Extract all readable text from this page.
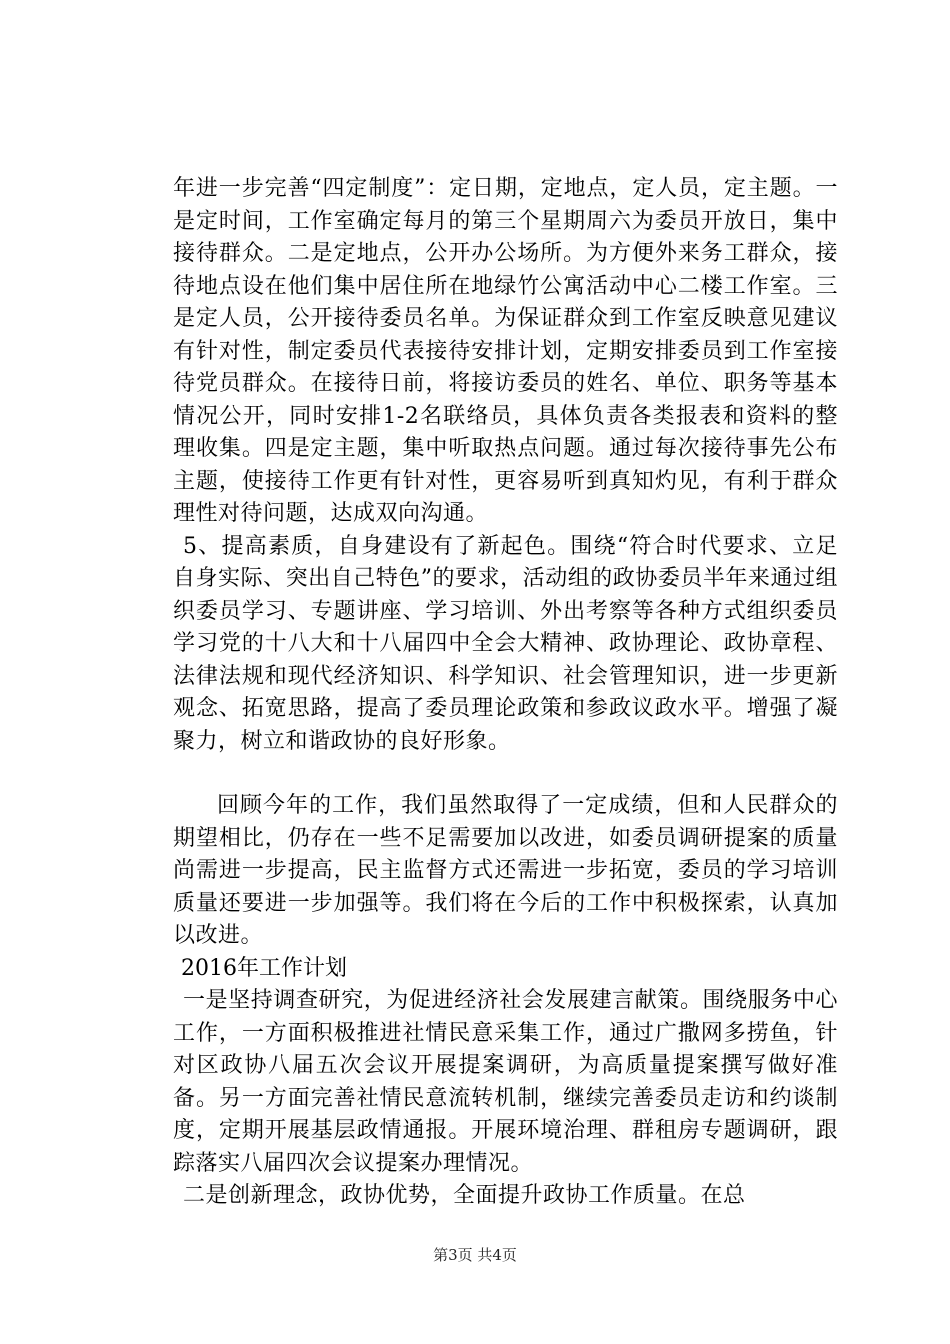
年进一步完善“四定制度”：定日期，定地点，定人员，定主题。一是定时间，工作室确定每月的第三个星期周六为委员开放日，集中接待群众。二是定地点，公开办公场所。为方便外来务工群众，接待地点设在他们集中居住所在地绿竹公寓活动中心二楼工作室。三是定人员，公开接待委员名单。为保证群众到工作室反映意见建议有针对性，制定委员代表接待安排计划，定期安排委员到工作室接待党员群众。在接待日前，将接访委员的姓名、单位、职务等基本情况公开，同时安排1-2名联络员，具体负责各类报表和资料的整理收集。四是定主题，集中听取热点问题。通过每次接待事先公布主题，使接待工作更有针对性，更容易听到真知灼见，有利于群众理性对待问题，达成双向沟通。

5、提高素质，自身建设有了新起色。围绕“符合时代要求、立足自身实际、突出自己特色”的要求，活动组的政协委员半年来通过组织委员学习、专题讲座、学习培训、外出考察等各种方式组织委员学习党的十八大和十八届四中全会大精神、政协理论、政协章程、法律法规和现代经济知识、科学知识、社会管理知识，进一步更新观念、拓宽思路，提高了委员理论政策和参政议政水平。增强了凝聚力，树立和谐政协的良好形象。

回顾今年的工作，我们虽然取得了一定成绩，但和人民群众的期望相比，仍存在一些不足需要加以改进，如委员调研提案的质量尚需进一步提高，民主监督方式还需进一步拓宽，委员的学习培训质量还要进一步加强等。我们将在今后的工作中积极探索，认真加以改进。

2016年工作计划

一是坚持调查研究，为促进经济社会发展建言献策。围绕服务中心工作，一方面积极推进社情民意采集工作，通过广撒网多捞鱼，针对区政协八届五次会议开展提案调研，为高质量提案撰写做好准备。另一方面完善社情民意流转机制，继续完善委员走访和约谈制度，定期开展基层政情通报。开展环境治理、群租房专题调研，跟踪落实八届四次会议提案办理情况。

二是创新理念，政协优势，全面提升政协工作质量。在总

第3页 共4页
